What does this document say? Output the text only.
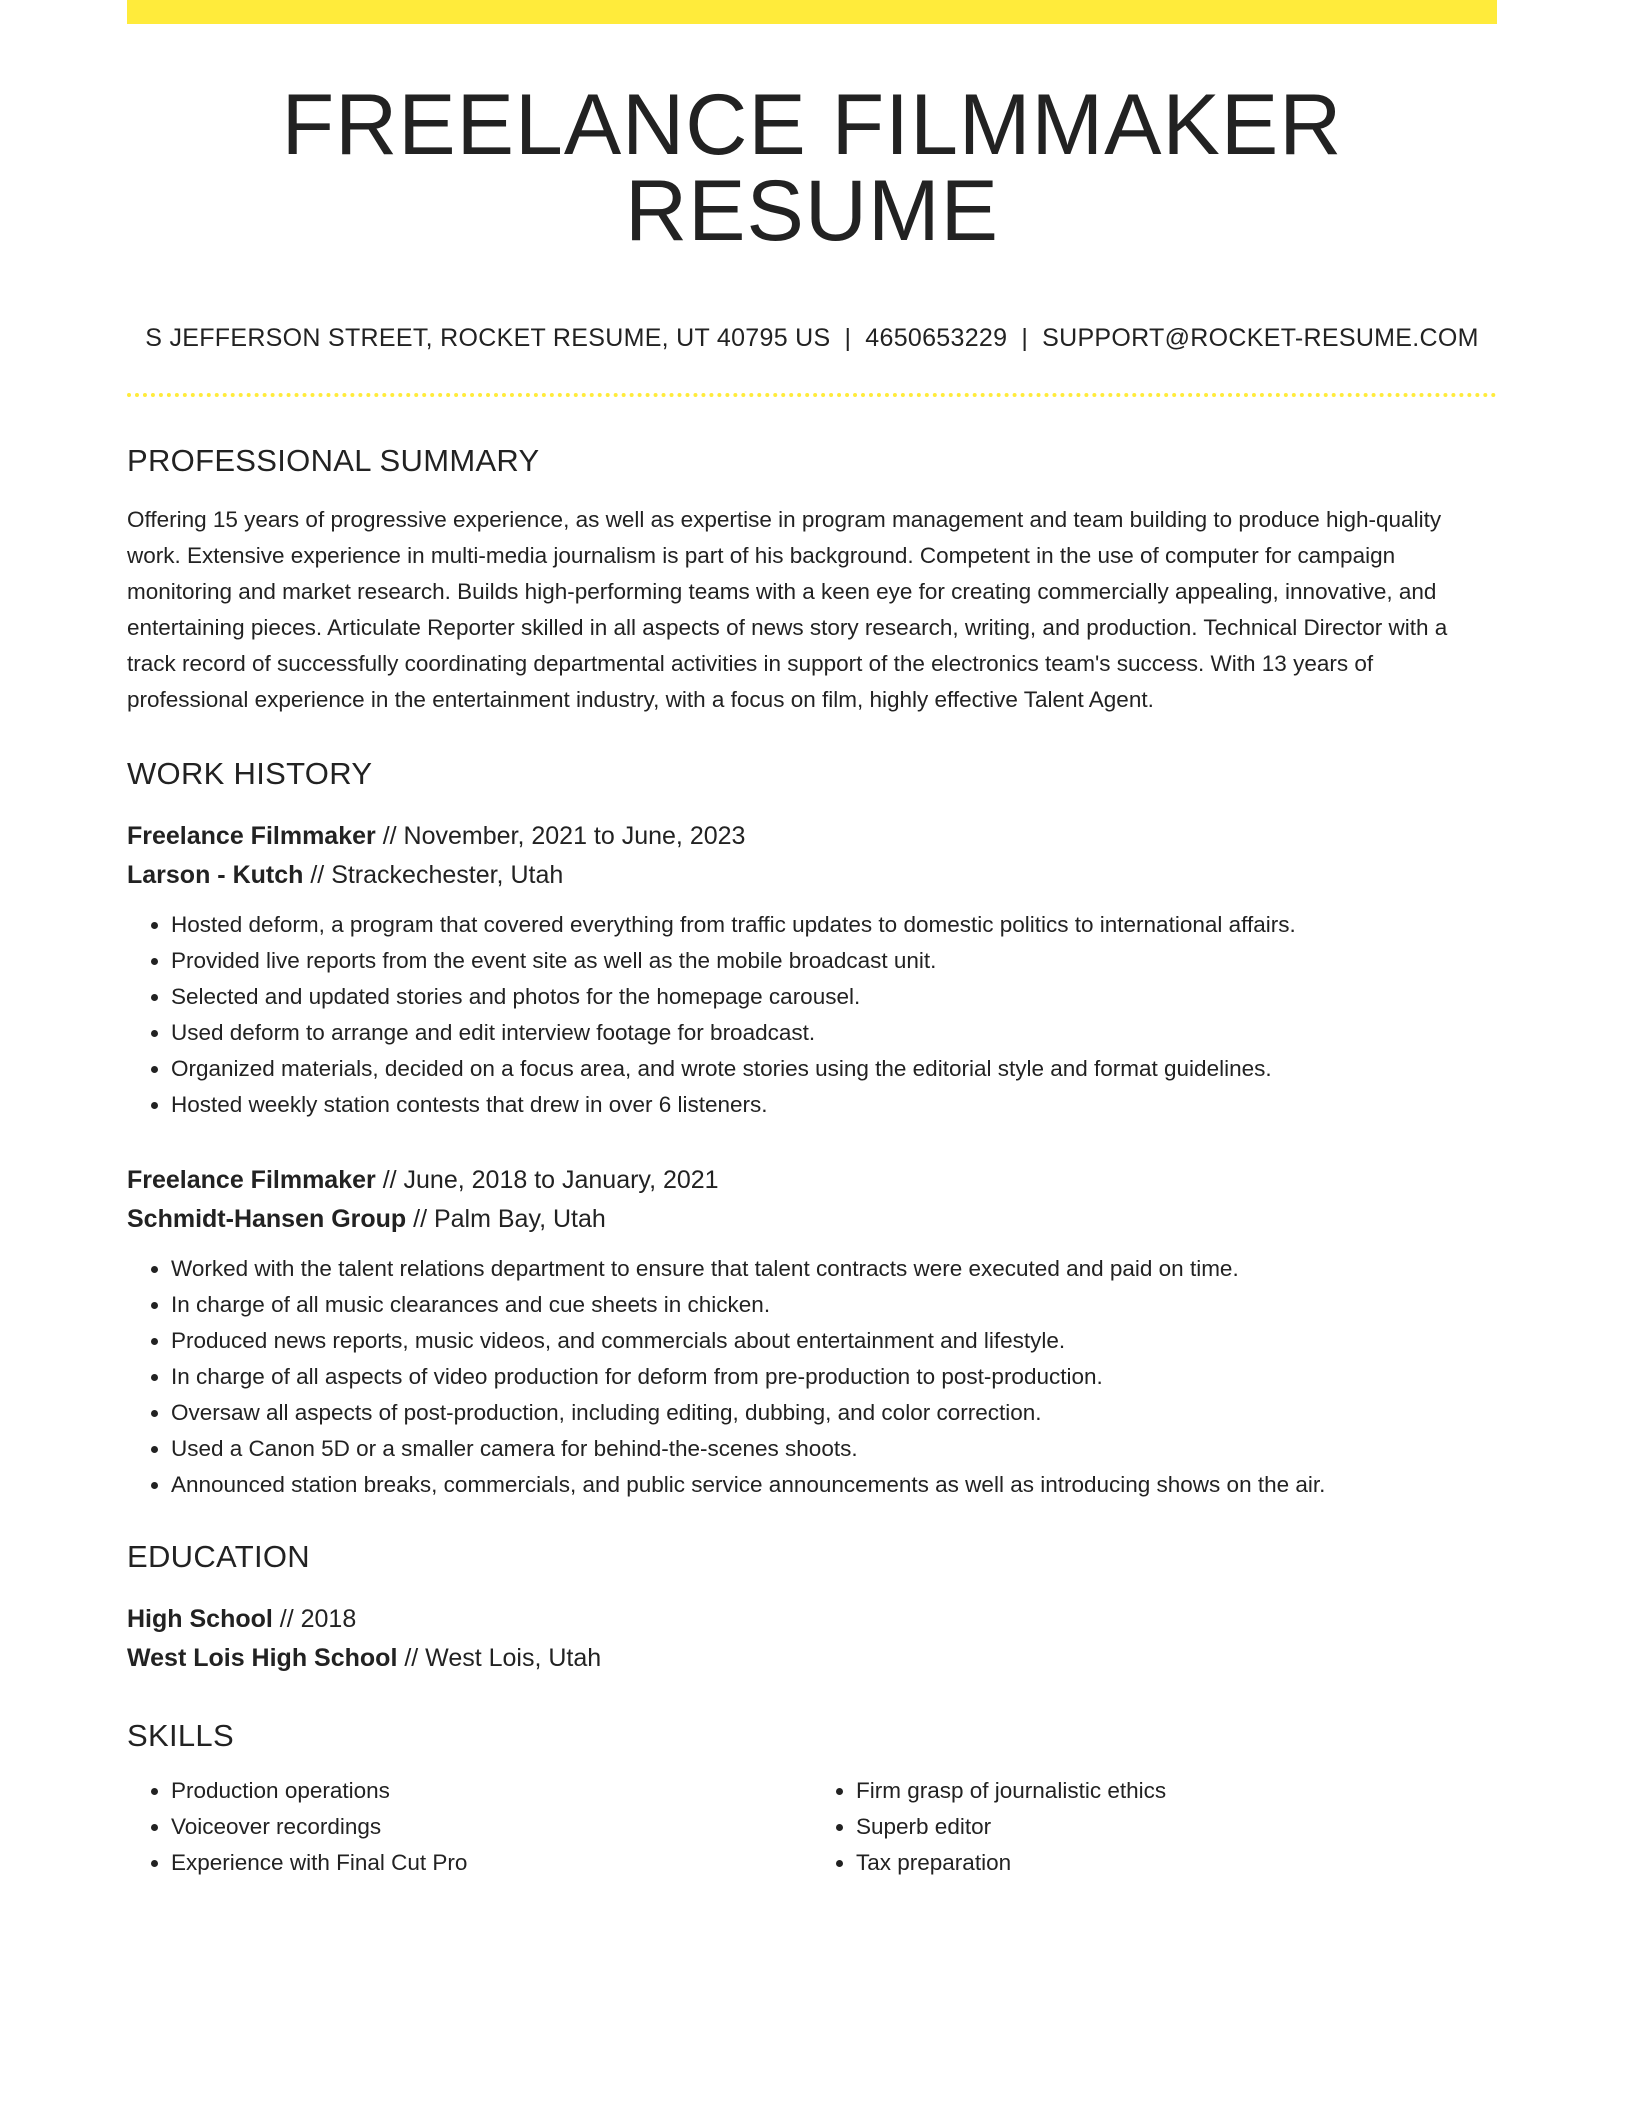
FREELANCE FILMMAKER RESUME
S JEFFERSON STREET, ROCKET RESUME, UT 40795 US | 4650653229 | SUPPORT@ROCKET-RESUME.COM
PROFESSIONAL SUMMARY
Offering 15 years of progressive experience, as well as expertise in program management and team building to produce high-quality work. Extensive experience in multi-media journalism is part of his background. Competent in the use of computer for campaign monitoring and market research. Builds high-performing teams with a keen eye for creating commercially appealing, innovative, and entertaining pieces. Articulate Reporter skilled in all aspects of news story research, writing, and production. Technical Director with a track record of successfully coordinating departmental activities in support of the electronics team's success. With 13 years of professional experience in the entertainment industry, with a focus on film, highly effective Talent Agent.
WORK HISTORY
Freelance Filmmaker // November, 2021 to June, 2023
Larson - Kutch // Strackechester, Utah
• Hosted deform, a program that covered everything from traffic updates to domestic politics to international affairs.
• Provided live reports from the event site as well as the mobile broadcast unit.
• Selected and updated stories and photos for the homepage carousel.
• Used deform to arrange and edit interview footage for broadcast.
• Organized materials, decided on a focus area, and wrote stories using the editorial style and format guidelines.
• Hosted weekly station contests that drew in over 6 listeners.
Freelance Filmmaker // June, 2018 to January, 2021
Schmidt-Hansen Group // Palm Bay, Utah
• Worked with the talent relations department to ensure that talent contracts were executed and paid on time.
• In charge of all music clearances and cue sheets in chicken.
• Produced news reports, music videos, and commercials about entertainment and lifestyle.
• In charge of all aspects of video production for deform from pre-production to post-production.
• Oversaw all aspects of post-production, including editing, dubbing, and color correction.
• Used a Canon 5D or a smaller camera for behind-the-scenes shoots.
• Announced station breaks, commercials, and public service announcements as well as introducing shows on the air.
EDUCATION
High School // 2018
West Lois High School // West Lois, Utah
SKILLS
• Production operations
• Voiceover recordings
• Experience with Final Cut Pro
• Firm grasp of journalistic ethics
• Superb editor
• Tax preparation
